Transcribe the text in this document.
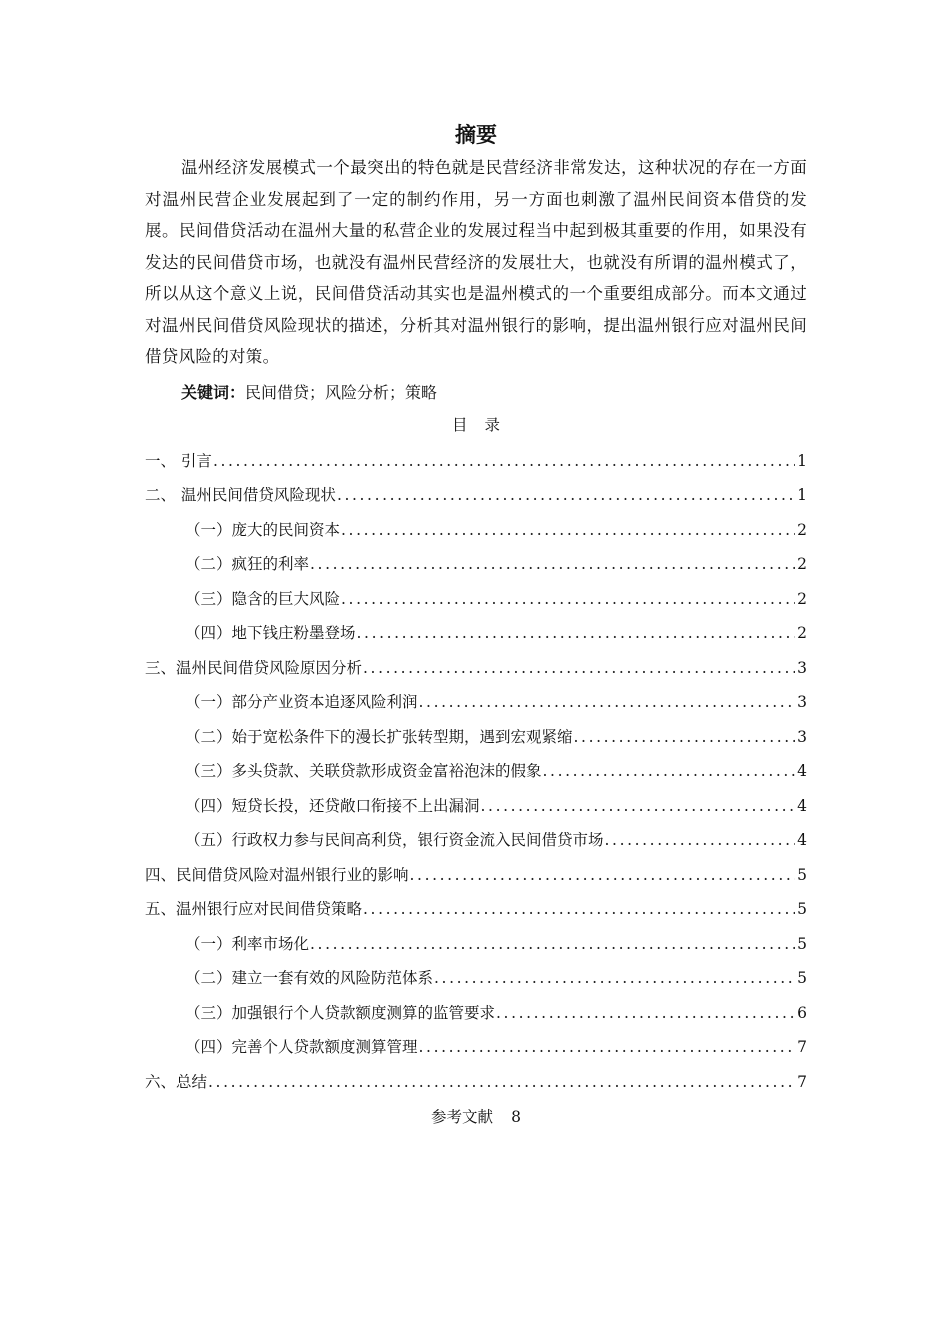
摘要

温州经济发展模式一个最突出的特色就是民营经济非常发达，这种状况的存在一方面对温州民营企业发展起到了一定的制约作用，另一方面也刺激了温州民间资本借贷的发展。民间借贷活动在温州大量的私营企业的发展过程当中起到极其重要的作用，如果没有发达的民间借贷市场，也就没有温州民营经济的发展壮大，也就没有所谓的温州模式了，所以从这个意义上说，民间借贷活动其实也是温州模式的一个重要组成部分。而本文通过对温州民间借贷风险现状的描述，分析其对温州银行的影响，提出温州银行应对温州民间借贷风险的对策。

关键词：民间借贷；风险分析；策略

目 录
一、 引言 .....	1
二、 温州民间借贷风险现状 .....	1
（一）庞大的民间资本 .....	2
（二）疯狂的利率 .....	2
（三）隐含的巨大风险 .....	2
（四）地下钱庄粉墨登场 .....	2
三、温州民间借贷风险原因分析 .....	3
（一）部分产业资本追逐风险利润 .....	3
（二）始于宽松条件下的漫长扩张转型期，遇到宏观紧缩 .....	3
（三）多头贷款、关联贷款形成资金富裕泡沫的假象 .....	4
（四）短贷长投，还贷敞口衔接不上出漏洞 .....	4
（五）行政权力参与民间高利贷，银行资金流入民间借贷市场 .....	4
四、民间借贷风险对温州银行业的影响 .....	5
五、温州银行应对民间借贷策略 .....	5
（一）利率市场化 .....	5
（二）建立一套有效的风险防范体系 .....	5
（三）加强银行个人贷款额度测算的监管要求 .....	6
（四）完善个人贷款额度测算管理 .....	7
六、总结 .....	7
参考文献 8
